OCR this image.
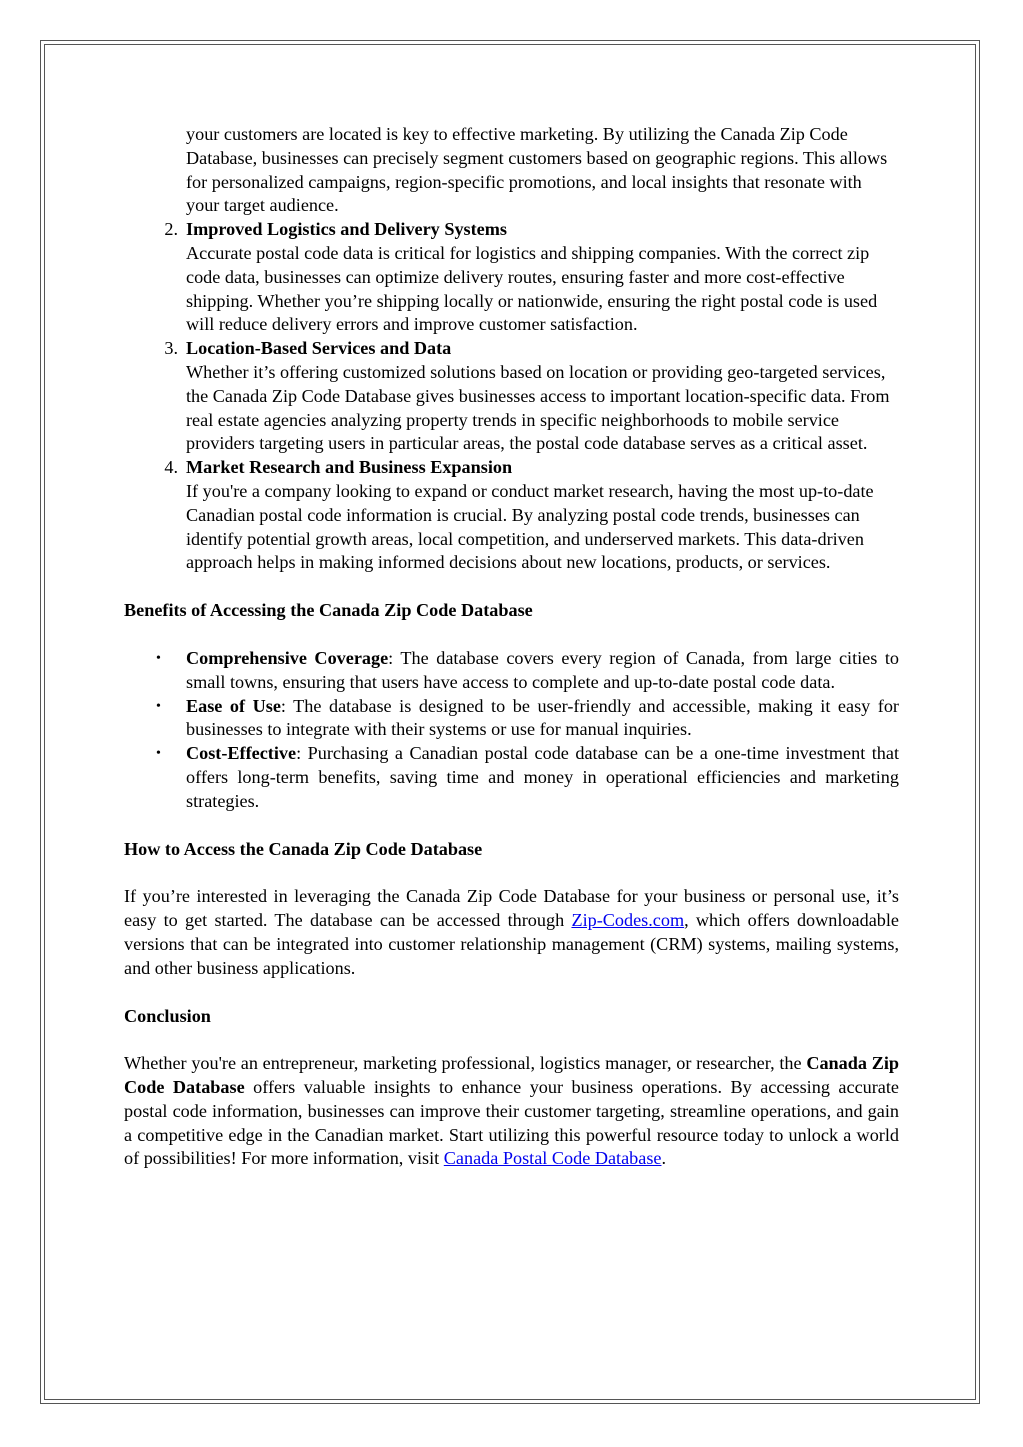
your customers are located is key to effective marketing. By utilizing the Canada Zip Code Database, businesses can precisely segment customers based on geographic regions. This allows for personalized campaigns, region-specific promotions, and local insights that resonate with your target audience.
2. Improved Logistics and Delivery Systems
Accurate postal code data is critical for logistics and shipping companies. With the correct zip code data, businesses can optimize delivery routes, ensuring faster and more cost-effective shipping. Whether you’re shipping locally or nationwide, ensuring the right postal code is used will reduce delivery errors and improve customer satisfaction.
3. Location-Based Services and Data
Whether it’s offering customized solutions based on location or providing geo-targeted services, the Canada Zip Code Database gives businesses access to important location-specific data. From real estate agencies analyzing property trends in specific neighborhoods to mobile service providers targeting users in particular areas, the postal code database serves as a critical asset.
4. Market Research and Business Expansion
If you're a company looking to expand or conduct market research, having the most up-to-date Canadian postal code information is crucial. By analyzing postal code trends, businesses can identify potential growth areas, local competition, and underserved markets. This data-driven approach helps in making informed decisions about new locations, products, or services.

Benefits of Accessing the Canada Zip Code Database

• Comprehensive Coverage: The database covers every region of Canada, from large cities to small towns, ensuring that users have access to complete and up-to-date postal code data.
• Ease of Use: The database is designed to be user-friendly and accessible, making it easy for businesses to integrate with their systems or use for manual inquiries.
• Cost-Effective: Purchasing a Canadian postal code database can be a one-time investment that offers long-term benefits, saving time and money in operational efficiencies and marketing strategies.

How to Access the Canada Zip Code Database

If you’re interested in leveraging the Canada Zip Code Database for your business or personal use, it’s easy to get started. The database can be accessed through Zip-Codes.com, which offers downloadable versions that can be integrated into customer relationship management (CRM) systems, mailing systems, and other business applications.

Conclusion

Whether you're an entrepreneur, marketing professional, logistics manager, or researcher, the Canada Zip Code Database offers valuable insights to enhance your business operations. By accessing accurate postal code information, businesses can improve their customer targeting, streamline operations, and gain a competitive edge in the Canadian market. Start utilizing this powerful resource today to unlock a world of possibilities! For more information, visit Canada Postal Code Database.
